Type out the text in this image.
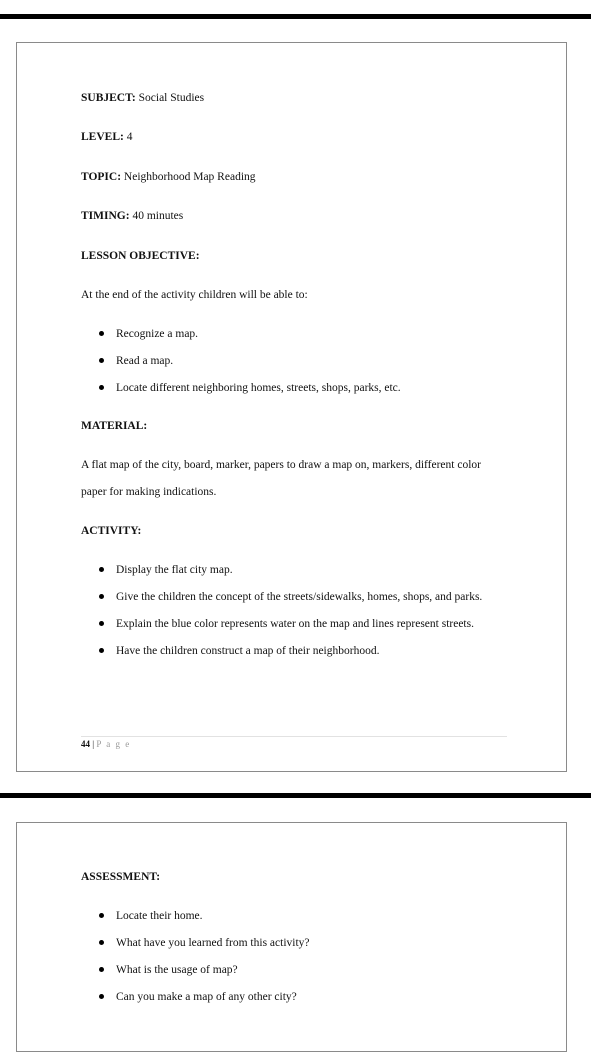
SUBJECT: Social Studies
LEVEL: 4
TOPIC: Neighborhood Map Reading
TIMING: 40 minutes
LESSON OBJECTIVE:
At the end of the activity children will be able to:
Recognize a map.
Read a map.
Locate different neighboring homes, streets, shops, parks, etc.
MATERIAL:
A flat map of the city, board, marker, papers to draw a map on, markers, different color
paper for making indications.
ACTIVITY:
Display the flat city map.
Give the children the concept of the streets/sidewalks, homes, shops, and parks.
Explain the blue color represents water on the map and lines represent streets.
Have the children construct a map of their neighborhood.
44 | P a g e
ASSESSMENT:
Locate their home.
What have you learned from this activity?
What is the usage of map?
Can you make a map of any other city?
